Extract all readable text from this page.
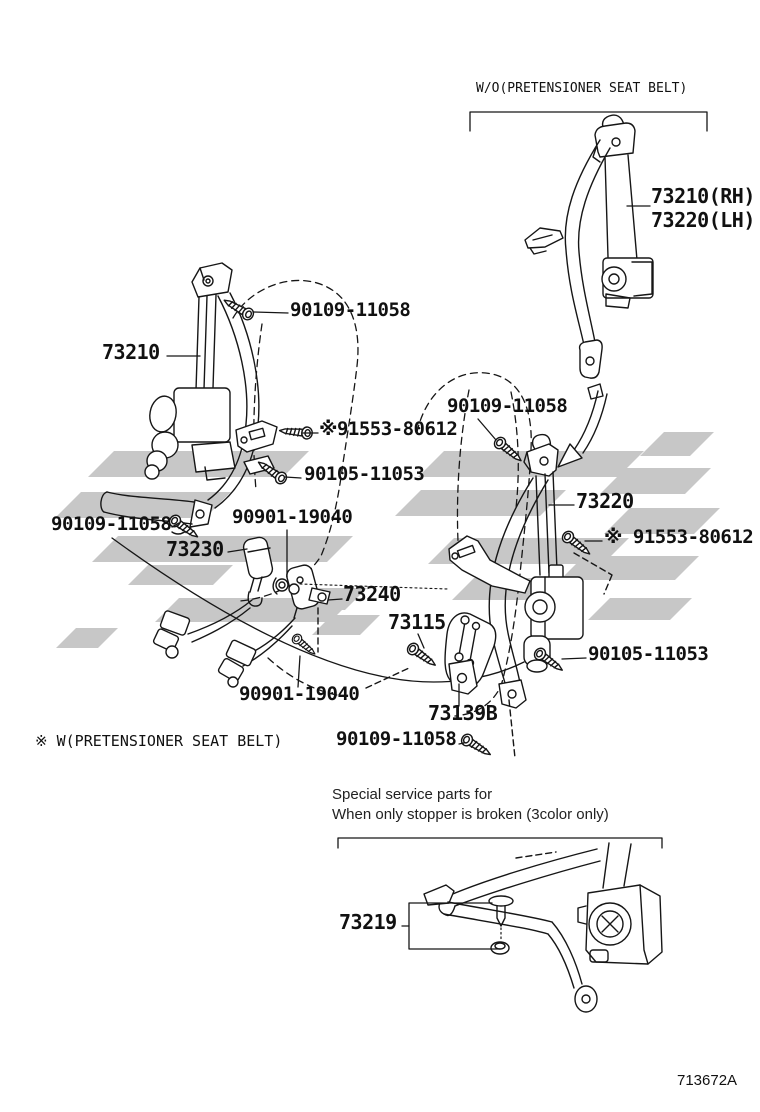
W/O(PRETENSIONER SEAT BELT)
※ W(PRETENSIONER SEAT BELT)
Special service parts for
When only stopper is broken (3color only)
713672A
73210(RH)
73220(LH)
90109-11058
73210
※91553-80612
90109-11058
90105-11053
90901-19040
90109-11058
73230
73220
※ 91553-80612
73240
73115
90105-11053
90901-19040
73139B
90109-11058
73219
